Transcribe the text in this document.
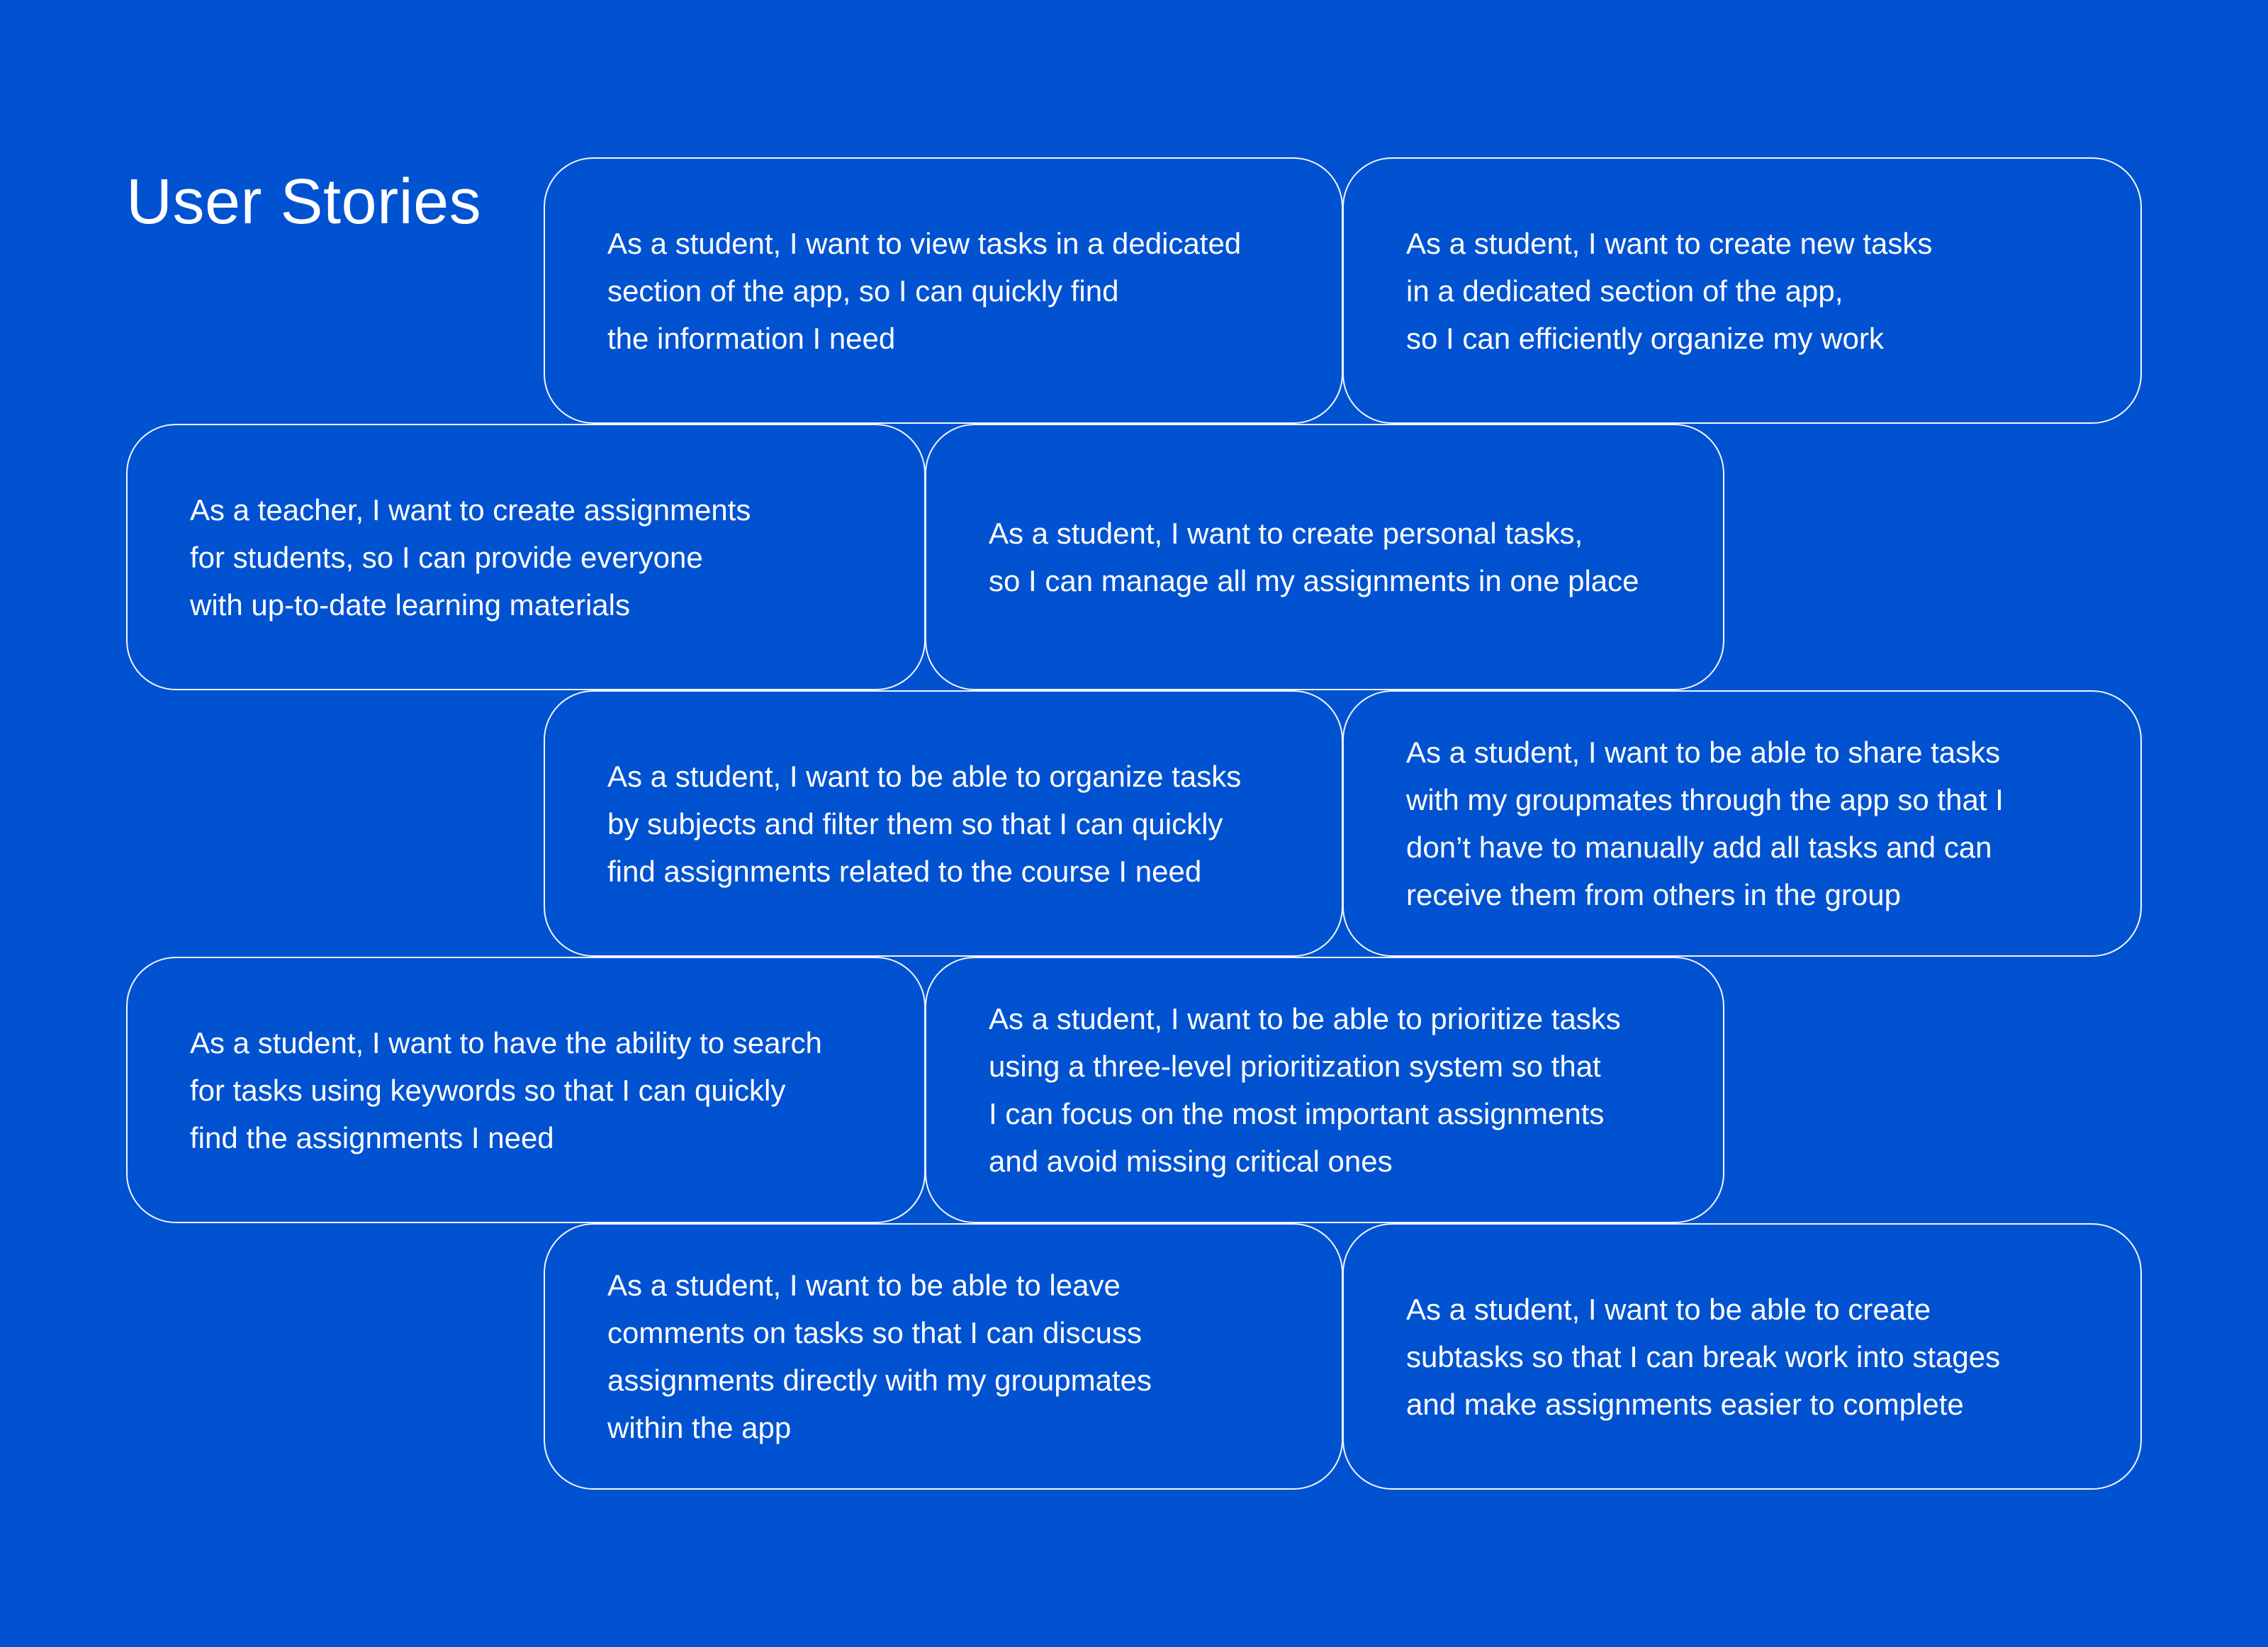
User Stories

As a student, I want to view tasks in a dedicated
section of the app, so I can quickly find
the information I need

As a student, I want to create new tasks
in a dedicated section of the app,
so I can efficiently organize my work

As a teacher, I want to create assignments
for students, so I can provide everyone
with up-to-date learning materials

As a student, I want to create personal tasks,
so I can manage all my assignments in one place

As a student, I want to be able to organize tasks
by subjects and filter them so that I can quickly
find assignments related to the course I need

As a student, I want to be able to share tasks
with my groupmates through the app so that I
don’t have to manually add all tasks and can
receive them from others in the group

As a student, I want to have the ability to search
for tasks using keywords so that I can quickly
find the assignments I need

As a student, I want to be able to prioritize tasks
using a three-level prioritization system so that
I can focus on the most important assignments
and avoid missing critical ones

As a student, I want to be able to leave
comments on tasks so that I can discuss
assignments directly with my groupmates
within the app

As a student, I want to be able to create
subtasks so that I can break work into stages
and make assignments easier to complete
